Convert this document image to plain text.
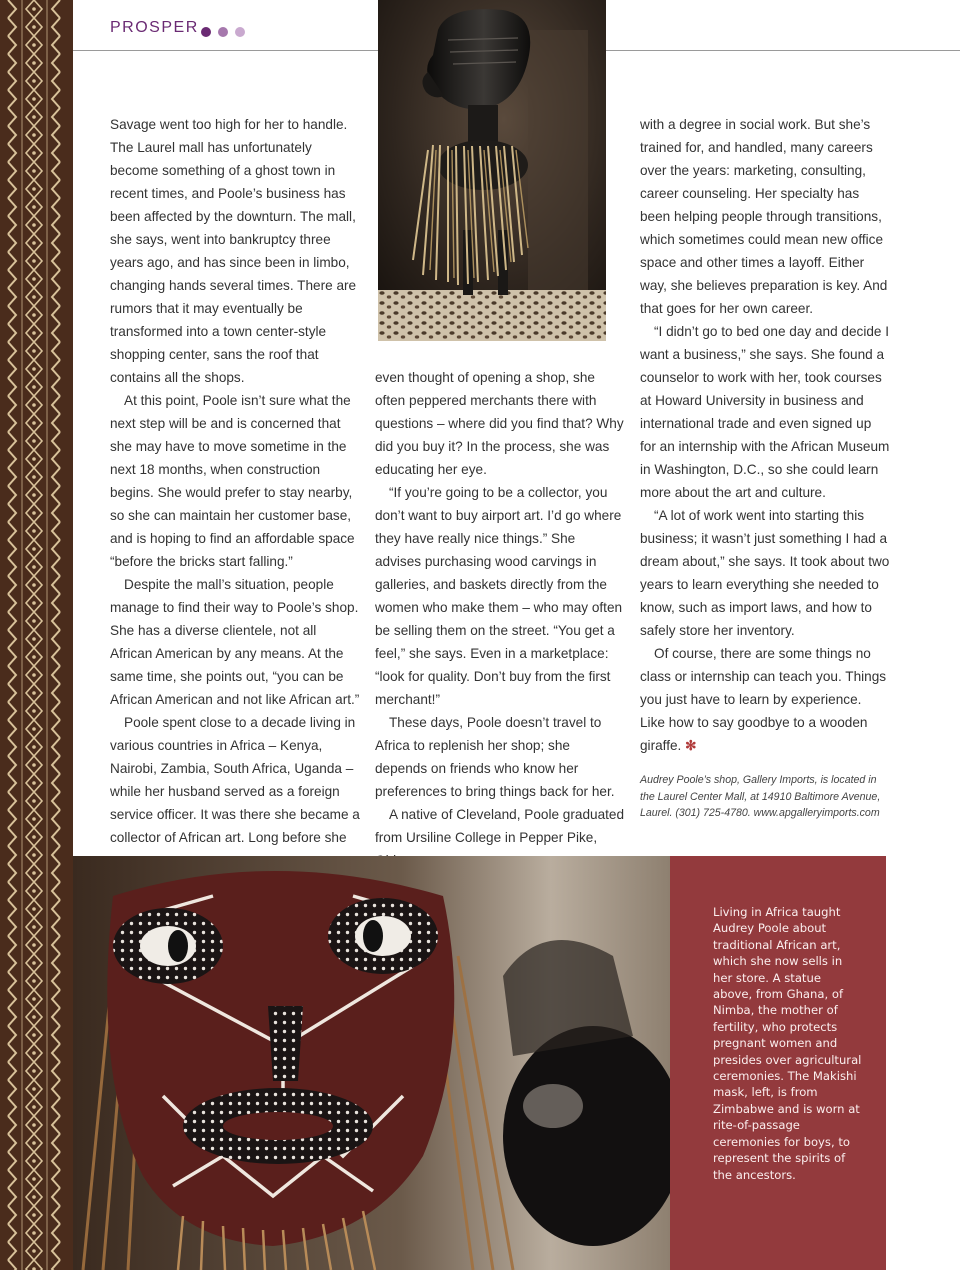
PROSPER

Savage went too high for her to handle. The Laurel mall has unfortunately become something of a ghost town in recent times, and Poole’s business has been affected by the downturn. The mall, she says, went into bankruptcy three years ago, and has since been in limbo, changing hands several times. There are rumors that it may eventually be transformed into a town center-style shopping center, sans the roof that contains all the shops.

At this point, Poole isn’t sure what the next step will be and is concerned that she may have to move sometime in the next 18 months, when construction begins. She would prefer to stay nearby, so she can maintain her customer base, and is hoping to find an affordable space “before the bricks start falling.”

Despite the mall’s situation, people manage to find their way to Poole’s shop. She has a diverse clientele, not all African American by any means. At the same time, she points out, “you can be African American and not like African art.”

Poole spent close to a decade living in various countries in Africa – Kenya, Nairobi, Zambia, South Africa, Uganda – while her husband served as a foreign service officer. It was there she became a collector of African art. Long before she

even thought of opening a shop, she often peppered merchants there with questions – where did you find that? Why did you buy it? In the process, she was educating her eye.

“If you’re going to be a collector, you don’t want to buy airport art. I’d go where they have really nice things.” She advises purchasing wood carvings in galleries, and baskets directly from the women who make them – who may often be selling them on the street. “You get a feel,” she says. Even in a marketplace: “look for quality. Don’t buy from the first merchant!”

These days, Poole doesn’t travel to Africa to replenish her shop; she depends on friends who know her preferences to bring things back for her.

A native of Cleveland, Poole graduated from Ursiline College in Pepper Pike,

with a degree in social work. But she’s trained for, and handled, many careers over the years: marketing, consulting, career counseling. Her specialty has been helping people through transitions, which sometimes could mean new office space and other times a layoff. Either way, she believes preparation is key. And that goes for her own career.

“I didn’t go to bed one day and decide I want a business,” she says. She found a counselor to work with her, took courses at Howard University in business and international trade and even signed up for an internship with the African Museum in Washington, D.C., so she could learn more about the art and culture.

“A lot of work went into starting this business; it wasn’t just something I had a dream about,” she says. It took about two years to learn everything she needed to know, such as import laws, and how to safely store her inventory.

Of course, there are some things no class or internship can teach you. Things you just have to learn by experience. Like how to say goodbye to a wooden giraffe. ✻

Audrey Poole’s shop, Gallery Imports, is located in the Laurel Center Mall, at 14910 Baltimore Avenue, Laurel. (301) 725-4780. www.apgalleryimports.com
Living in Africa taught Audrey Poole about traditional African art, which she now sells in her store. A statue above, from Ghana, of Nimba, the mother of fertility, who protects pregnant women and presides over agricultural ceremonies. The Makishi mask, left, is from Zimbabwe and is worn at rite-of-passage ceremonies for boys, to represent the spirits of the ancestors.
